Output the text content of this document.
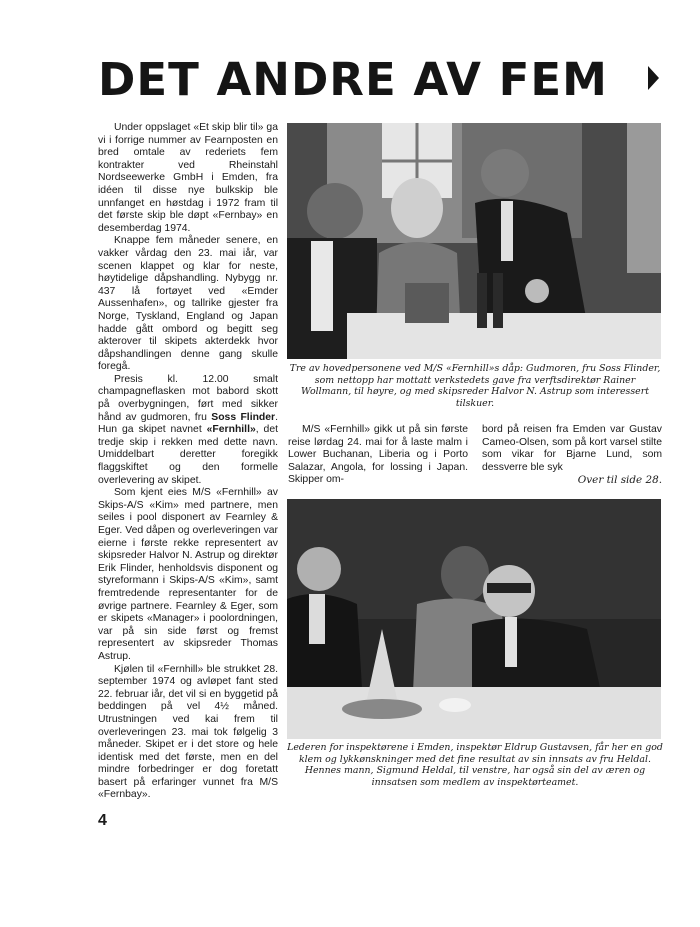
DET ANDRE AV FEM

Under oppslaget «Et skip blir til» ga vi i forrige nummer av Fearnposten en bred omtale av rederiets fem kontrakter ved Rheinstahl Nordseewerke GmbH i Emden, fra idéen til disse nye bulkskip ble unnfanget en høstdag i 1972 fram til det første skip ble døpt «Fernbay» en desemberdag 1974.

Knappe fem måneder senere, en vakker vårdag den 23. mai iår, var scenen klappet og klar for neste, høytidelige dåpshandling. Nybygg nr. 437 lå fortøyet ved «Emder Aussenhafen», og tallrike gjester fra Norge, Tyskland, England og Japan hadde gått ombord og begitt seg akterover til skipets akterdekk hvor dåpshandlingen denne gang skulle foregå.

Presis kl. 12.00 smalt champagneflasken mot babord skott på overbygningen, ført med sikker hånd av gudmoren, fru Soss Flinder. Hun ga skipet navnet «Fernhill», det tredje skip i rekken med dette navn. Umiddelbart deretter foregikk flaggskiftet og den formelle overlevering av skipet.

Som kjent eies M/S «Fernhill» av Skips-A/S «Kim» med partnere, men seiles i pool disponert av Fearnley & Eger. Ved dåpen og overleveringen var eierne i første rekke representert av skipsreder Halvor N. Astrup og direktør Erik Flinder, henholdsvis disponent og styreformann i Skips-A/S «Kim», samt fremtredende representanter for de øvrige partnere. Fearnley & Eger, som er skipets «Manager» i poolordningen, var på sin side først og fremst representert av skipsreder Thomas Astrup.

Kjølen til «Fernhill» ble strukket 28. september 1974 og avløpet fant sted 22. februar iår, det vil si en byggetid på beddingen på vel 4½ måned. Utrustningen ved kai frem til overleveringen 23. mai tok følgelig 3 måneder. Skipet er i det store og hele identisk med det første, men en del mindre forbedringer er dog foretatt basert på erfaringer vunnet fra M/S «Fernbay».

Tre av hovedpersonene ved M/S «Fernhill»s dåp: Gudmoren, fru Soss Flinder, som nettopp har mottatt verkstedets gave fra verftsdirektør Rainer Wollmann, til høyre, og med skipsreder Halvor N. Astrup som interessert tilskuer.

M/S «Fernhill» gikk ut på sin første reise lørdag 24. mai for å laste malm i Lower Buchanan, Liberia og i Porto Salazar, Angola, for lossing i Japan. Skipper om-

bord på reisen fra Emden var Gustav Cameo-Olsen, som på kort varsel stilte som vikar for Bjarne Lund, som dessverre ble syk

Over til side 28.

Lederen for inspektørene i Emden, inspektør Eldrup Gustavsen, får her en god klem og lykkønskninger med det fine resultat av sin innsats av fru Heldal. Hennes mann, Sigmund Heldal, til venstre, har også sin del av æren og innsatsen som medlem av inspektørteamet.
4
